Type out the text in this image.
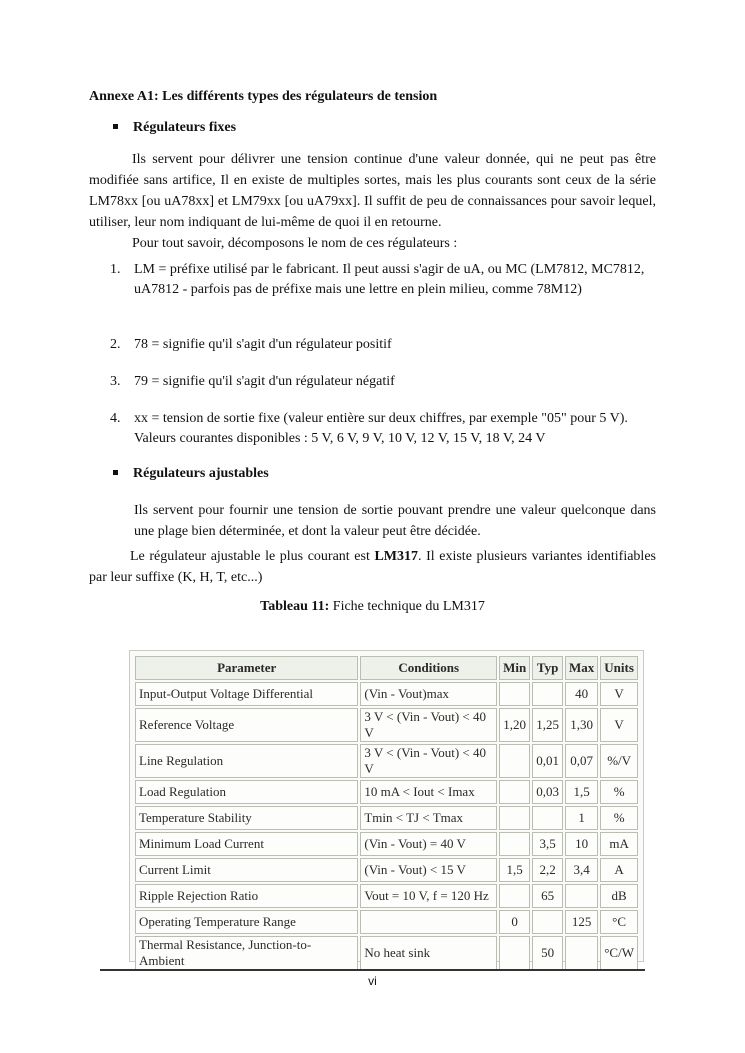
Annexe A1: Les différents types des régulateurs de tension
Régulateurs fixes
Ils servent pour délivrer une tension continue d'une valeur donnée, qui ne peut pas être modifiée sans artifice, Il en existe de multiples sortes, mais les plus courants sont ceux de la série LM78xx [ou uA78xx] et LM79xx [ou uA79xx]. Il suffit de peu de connaissances pour savoir lequel, utiliser, leur nom indiquant de lui-même de quoi il en retourne.
Pour tout savoir, décomposons le nom de ces régulateurs :
1. LM = préfixe utilisé par le fabricant. Il peut aussi s'agir de uA, ou MC (LM7812, MC7812, uA7812 - parfois pas de préfixe mais une lettre en plein milieu, comme 78M12)
2. 78 = signifie qu'il s'agit d'un régulateur positif
3. 79 = signifie qu'il s'agit d'un régulateur négatif
4. xx = tension de sortie fixe (valeur entière sur deux chiffres, par exemple "05" pour 5 V). Valeurs courantes disponibles : 5 V, 6 V, 9 V, 10 V, 12 V, 15 V, 18 V, 24 V
Régulateurs ajustables
Ils servent pour fournir une tension de sortie pouvant prendre une valeur quelconque dans une plage bien déterminée, et dont la valeur peut être décidée.
Le régulateur ajustable le plus courant est LM317. Il existe plusieurs variantes identifiables par leur suffixe (K, H, T, etc...)
Tableau 11: Fiche technique du LM317
Parameter	Conditions	Min	Typ	Max	Units
Input-Output Voltage Differential	(Vin - Vout)max			40	V
Reference Voltage	3 V < (Vin - Vout) < 40 V	1,20	1,25	1,30	V
Line Regulation	3 V < (Vin - Vout) < 40 V		0,01	0,07	%/V
Load Regulation	10 mA < Iout < Imax		0,03	1,5	%
Temperature Stability	Tmin < TJ < Tmax			1	%
Minimum Load Current	(Vin - Vout) = 40 V		3,5	10	mA
Current Limit	(Vin - Vout) < 15 V	1,5	2,2	3,4	A
Ripple Rejection Ratio	Vout = 10 V, f = 120 Hz		65		dB
Operating Temperature Range		0		125	°C
Thermal Resistance, Junction-to-Ambient	No heat sink		50		°C/W
vi
